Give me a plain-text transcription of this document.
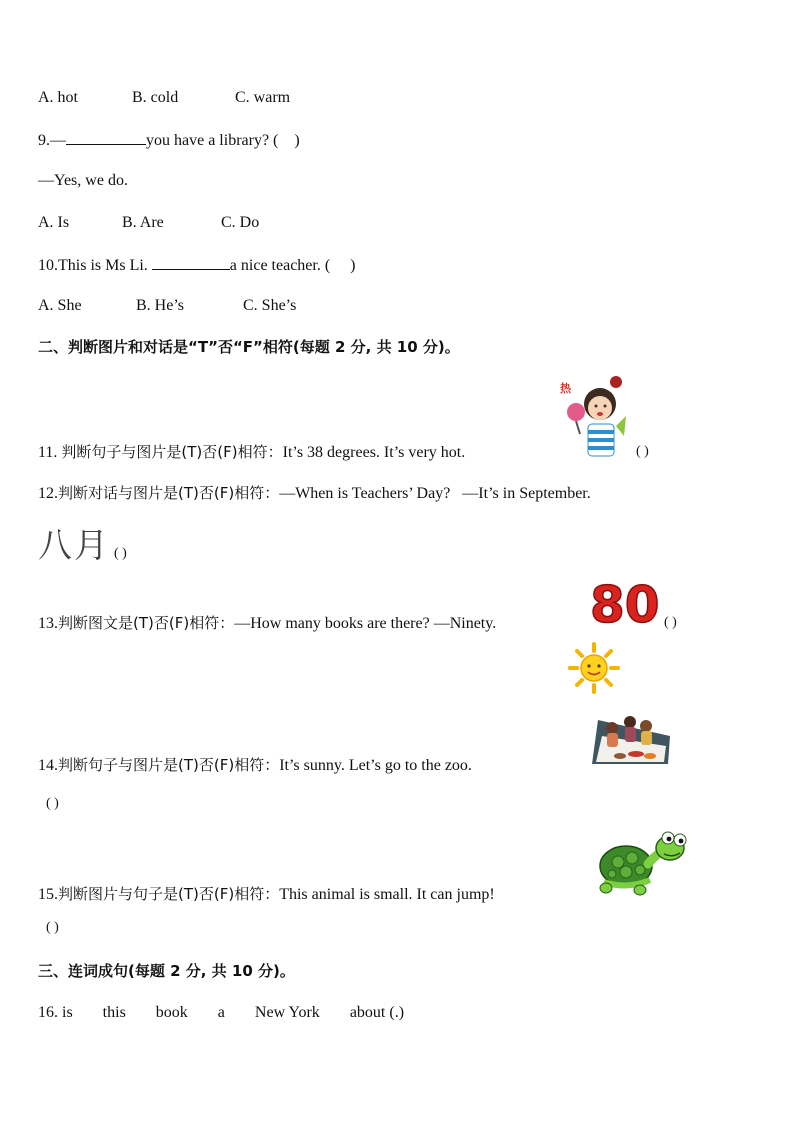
A. hot	B. cold	C. warm
9.—	you have a library? (    )
—Yes, we do.
A. Is	B. Are	C. Do
10.This is Ms Li.	a nice teacher. (     )
A. She	B. He’s	C. She’s
二、判断图片和对话是“T”否“F”相符(每题 2 分, 共 10 分)。
热
11. 判断句子与图片是(T)否(F)相符：It’s 38 degrees. It’s very hot.	( )
12.判断对话与图片是(T)否(F)相符：—When is Teachers’ Day?   —It’s in September.
八月 ( )
80
13.判断图文是(T)否(F)相符：—How many books are there? —Ninety.	( )
14.判断句子与图片是(T)否(F)相符：It’s sunny. Let’s go to the zoo.
( )
15.判断图片与句子是(T)否(F)相符：This animal is small. It can jump!
( )
三、连词成句(每题 2 分, 共 10 分)。
16. is this book a New York about (.)
